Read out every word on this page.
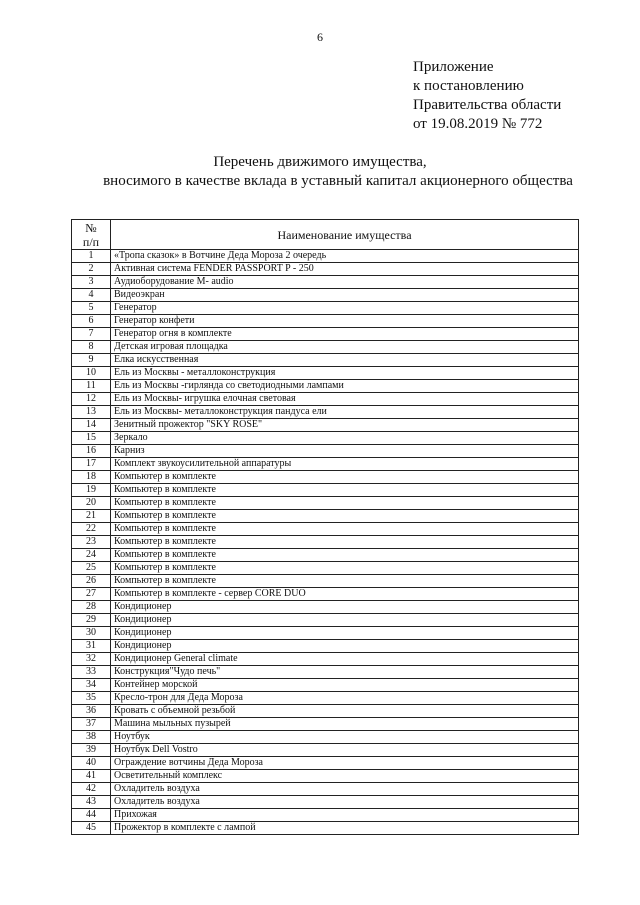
6
Приложение
к постановлению
Правительства области
от 19.08.2019 № 772
Перечень движимого имущества,
вносимого в качестве вклада в уставный капитал акционерного общества
№
п/п	Наименование имущества
1	«Тропа сказок» в Вотчине Деда Мороза 2 очередь
2	Активная система FENDER PASSPORT P - 250
3	Аудиоборудование М- audio
4	Видеоэкран
5	Генератор
6	Генератор конфети
7	Генератор огня в комплекте
8	Детская игровая площадка
9	Елка искусственная
10	Ель из Москвы - металлоконструкция
11	Ель из Москвы -гирлянда со светодиодными лампами
12	Ель из Москвы- игрушка елочная световая
13	Ель из Москвы- металлоконструкция пандуса ели
14	Зенитный прожектор "SKY ROSE"
15	Зеркало
16	Карниз
17	Комплект звукоусилительной аппаратуры
18	Компьютер в комплекте
19	Компьютер в комплекте
20	Компьютер в комплекте
21	Компьютер в комплекте
22	Компьютер в комплекте
23	Компьютер в комплекте
24	Компьютер в комплекте
25	Компьютер в комплекте
26	Компьютер в комплекте
27	Компьютер в комплекте - сервер CORE DUO
28	Кондиционер
29	Кондиционер
30	Кондиционер
31	Кондиционер
32	Кондиционер General climate
33	Конструкция"Чудо печь"
34	Контейнер морской
35	Кресло-трон для Деда Мороза
36	Кровать с объемной резьбой
37	Машина мыльных пузырей
38	Ноутбук
39	Ноутбук Dell Vostro
40	Ограждение вотчины Деда Мороза
41	Осветительный комплекс
42	Охладитель воздуха
43	Охладитель воздуха
44	Прихожая
45	Прожектор в комплекте с лампой
